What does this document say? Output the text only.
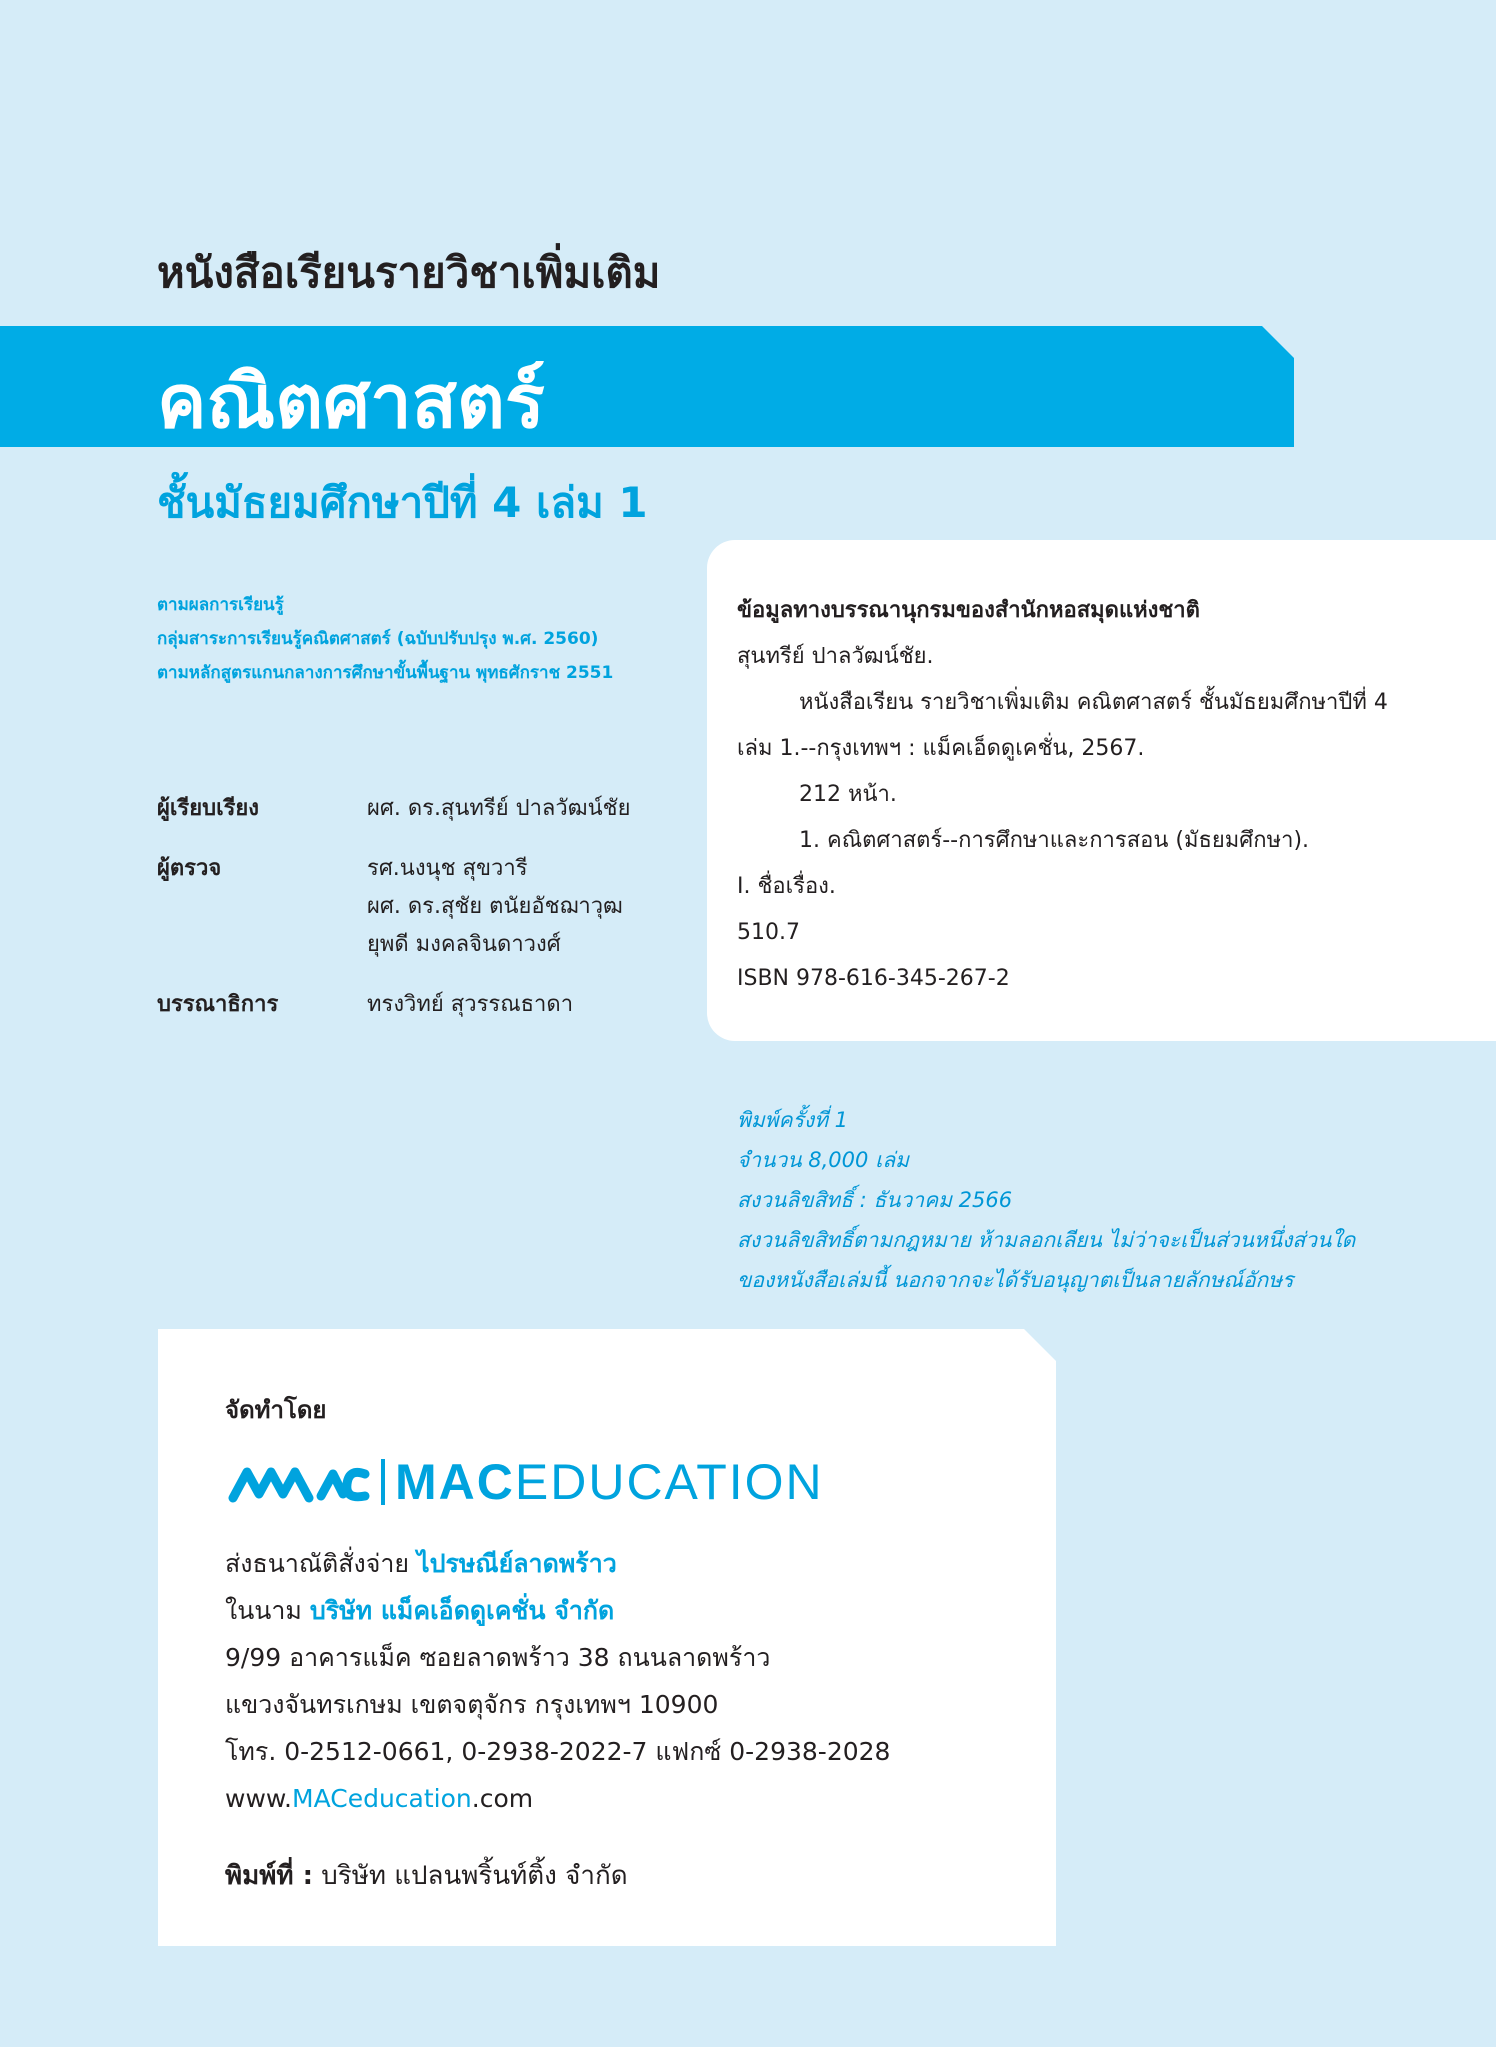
หนังสือเรียนรายวิชาเพิ่มเติม
คณิตศาสตร์
ชั้นมัธยมศึกษาปีที่ 4 เล่ม 1
ตามผลการเรียนรู้
กลุ่มสาระการเรียนรู้คณิตศาสตร์ (ฉบับปรับปรุง พ.ศ. 2560)
ตามหลักสูตรแกนกลางการศึกษาขั้นพื้นฐาน พุทธศักราช 2551
ผู้เรียบเรียง	ผศ. ดร.สุนทรีย์ ปาลวัฒน์ชัย
ผู้ตรวจ	รศ.นงนุช สุขวารี
ผศ. ดร.สุชัย ตนัยอัชฌาวุฒ
ยุพดี มงคลจินดาวงศ์
บรรณาธิการ	ทรงวิทย์ สุวรรณธาดา
ข้อมูลทางบรรณานุกรมของสำนักหอสมุดแห่งชาติ
สุนทรีย์ ปาลวัฒน์ชัย.
หนังสือเรียน รายวิชาเพิ่มเติม คณิตศาสตร์ ชั้นมัธยมศึกษาปีที่ 4
เล่ม 1.--กรุงเทพฯ : แม็คเอ็ดดูเคชั่น, 2567.
212 หน้า.
1. คณิตศาสตร์--การศึกษาและการสอน (มัธยมศึกษา).
I. ชื่อเรื่อง.
510.7
ISBN 978-616-345-267-2
พิมพ์ครั้งที่ 1
จำนวน 8,000 เล่ม
สงวนลิขสิทธิ์ : ธันวาคม 2566
สงวนลิขสิทธิ์ตามกฎหมาย ห้ามลอกเลียน ไม่ว่าจะเป็นส่วนหนึ่งส่วนใด
ของหนังสือเล่มนี้ นอกจากจะได้รับอนุญาตเป็นลายลักษณ์อักษร
จัดทำโดย
MACEDUCATION
ส่งธนาณัติสั่งจ่าย ไปรษณีย์ลาดพร้าว
ในนาม บริษัท แม็คเอ็ดดูเคชั่น จำกัด
9/99 อาคารแม็ค ซอยลาดพร้าว 38 ถนนลาดพร้าว
แขวงจันทรเกษม เขตจตุจักร กรุงเทพฯ 10900
โทร. 0-2512-0661, 0-2938-2022-7 แฟกซ์ 0-2938-2028
www.MACeducation.com
พิมพ์ที่ : บริษัท แปลนพริ้นท์ติ้ง จำกัด
